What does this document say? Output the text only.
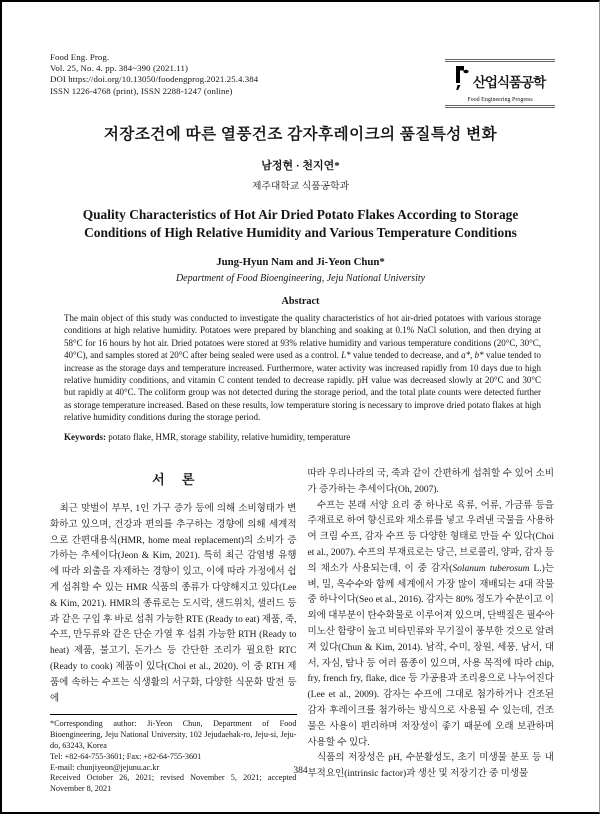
Food Eng. Prog.
Vol. 25, No. 4. pp. 384~390 (2021.11)
DOI https://doi.org/10.13050/foodengprog.2021.25.4.384
ISSN 1226-4768 (print), ISSN 2288-1247 (online)
산업식품공학
Food Engineering Progress
저장조건에 따른 열풍건조 감자후레이크의 품질특성 변화
남정현 · 천지연*
제주대학교 식품공학과
Quality Characteristics of Hot Air Dried Potato Flakes According to Storage
Conditions of High Relative Humidity and Various Temperature Conditions
Jung-Hyun Nam and Ji-Yeon Chun*
Department of Food Bioengineering, Jeju National University
Abstract
The main object of this study was conducted to investigate the quality characteristics of hot air-dried potatoes with various storage conditions at high relative humidity. Potatoes were prepared by blanching and soaking at 0.1% NaCl solution, and then drying at 58°C for 16 hours by hot air. Dried potatoes were stored at 93% relative humidity and various temperature conditions (20°C, 30°C, 40°C), and samples stored at 20°C after being sealed were used as a control. L* value tended to decrease, and a*, b* value tended to increase as the storage days and temperature increased. Furthermore, water activity was increased rapidly from 10 days due to high relative humidity conditions, and vitamin C content tended to decrease rapidly. pH value was decreased slowly at 20°C and 30°C but rapidly at 40°C. The coliform group was not detected during the storage period, and the total plate counts were detected further as storage temperature increased. Based on these results, low temperature storing is necessary to improve dried potato flakes at high relative humidity conditions during the storage period.
Keywords: potato flake, HMR, storage stability, relative humidity, temperature
서 론

최근 맞벌이 부부, 1인 가구 증가 등에 의해 소비형태가 변화하고 있으며, 건강과 편의를 추구하는 경향에 의해 세계적으로 간편대용식(HMR, home meal replacement)의 소비가 증가하는 추세이다(Jeon & Kim, 2021). 특히 최근 감염병 유행에 따라 외출을 자제하는 경향이 있고, 이에 따라 가정에서 쉽게 섭취할 수 있는 HMR 식품의 종류가 다양해지고 있다(Lee & Kim, 2021). HMR의 종류로는 도시락, 샌드위치, 샐러드 등과 같은 구입 후 바로 섭취 가능한 RTE (Ready to eat) 제품, 죽, 수프, 만두류와 같은 단순 가열 후 섭취 가능한 RTH (Ready to heat) 제품, 불고기, 돈가스 등 간단한 조리가 필요한 RTC (Ready to cook) 제품이 있다(Choi et al., 2020). 이 중 RTH 제품에 속하는 수프는 식생활의 서구화, 다양한 식문화 발전 등에

*Corresponding author: Ji-Yeon Chun, Department of Food Bioengineering, Jeju National University, 102 Jejudaehak-ro, Jeju-si, Jeju-do, 63243, Korea
Tel: +82-64-755-3601; Fax: +82-64-755-3601
E-mail: chunjiyeon@jejunu.ac.kr
Received October 26, 2021; revised November 5, 2021; accepted November 8, 2021

따라 우리나라의 국, 죽과 같이 간편하게 섭취할 수 있어 소비가 증가하는 추세이다(Oh, 2007).

수프는 본래 서양 요리 중 하나로 육류, 어류, 가금류 등을 주재료로 하여 향신료와 채소류를 넣고 우려낸 국물을 사용하여 크림 수프, 감자 수프 등 다양한 형태로 만들 수 있다(Choi et al., 2007). 수프의 부재료로는 당근, 브로콜리, 양파, 감자 등의 채소가 사용되는데, 이 중 감자(Solanum tuberosum L.)는 벼, 밀, 옥수수와 함께 세계에서 가장 많이 재배되는 4대 작물 중 하나이다(Seo et al., 2016). 감자는 80% 정도가 수분이고 이 외에 대부분이 탄수화물로 이루어져 있으며, 단백질은 필수아미노산 함량이 높고 비타민류와 무기질이 풍부한 것으로 알려져 있다(Chun & Kim, 2014). 남작, 수미, 장원, 세풍, 남서, 대서, 자심, 탐나 등 여러 품종이 있으며, 사용 목적에 따라 chip, fry, french fry, flake, dice 등 가공용과 조리용으로 나누어진다(Lee et al., 2009). 감자는 수프에 그대로 첨가하거나 건조된 감자 후레이크를 첨가하는 방식으로 사용될 수 있는데, 건조물은 사용이 편리하며 저장성이 좋기 때문에 오래 보관하며 사용할 수 있다.

식품의 저장성은 pH, 수분활성도, 초기 미생물 분포 등 내부적요인(intrinsic factor)과 생산 및 저장기간 중 미생물

384
